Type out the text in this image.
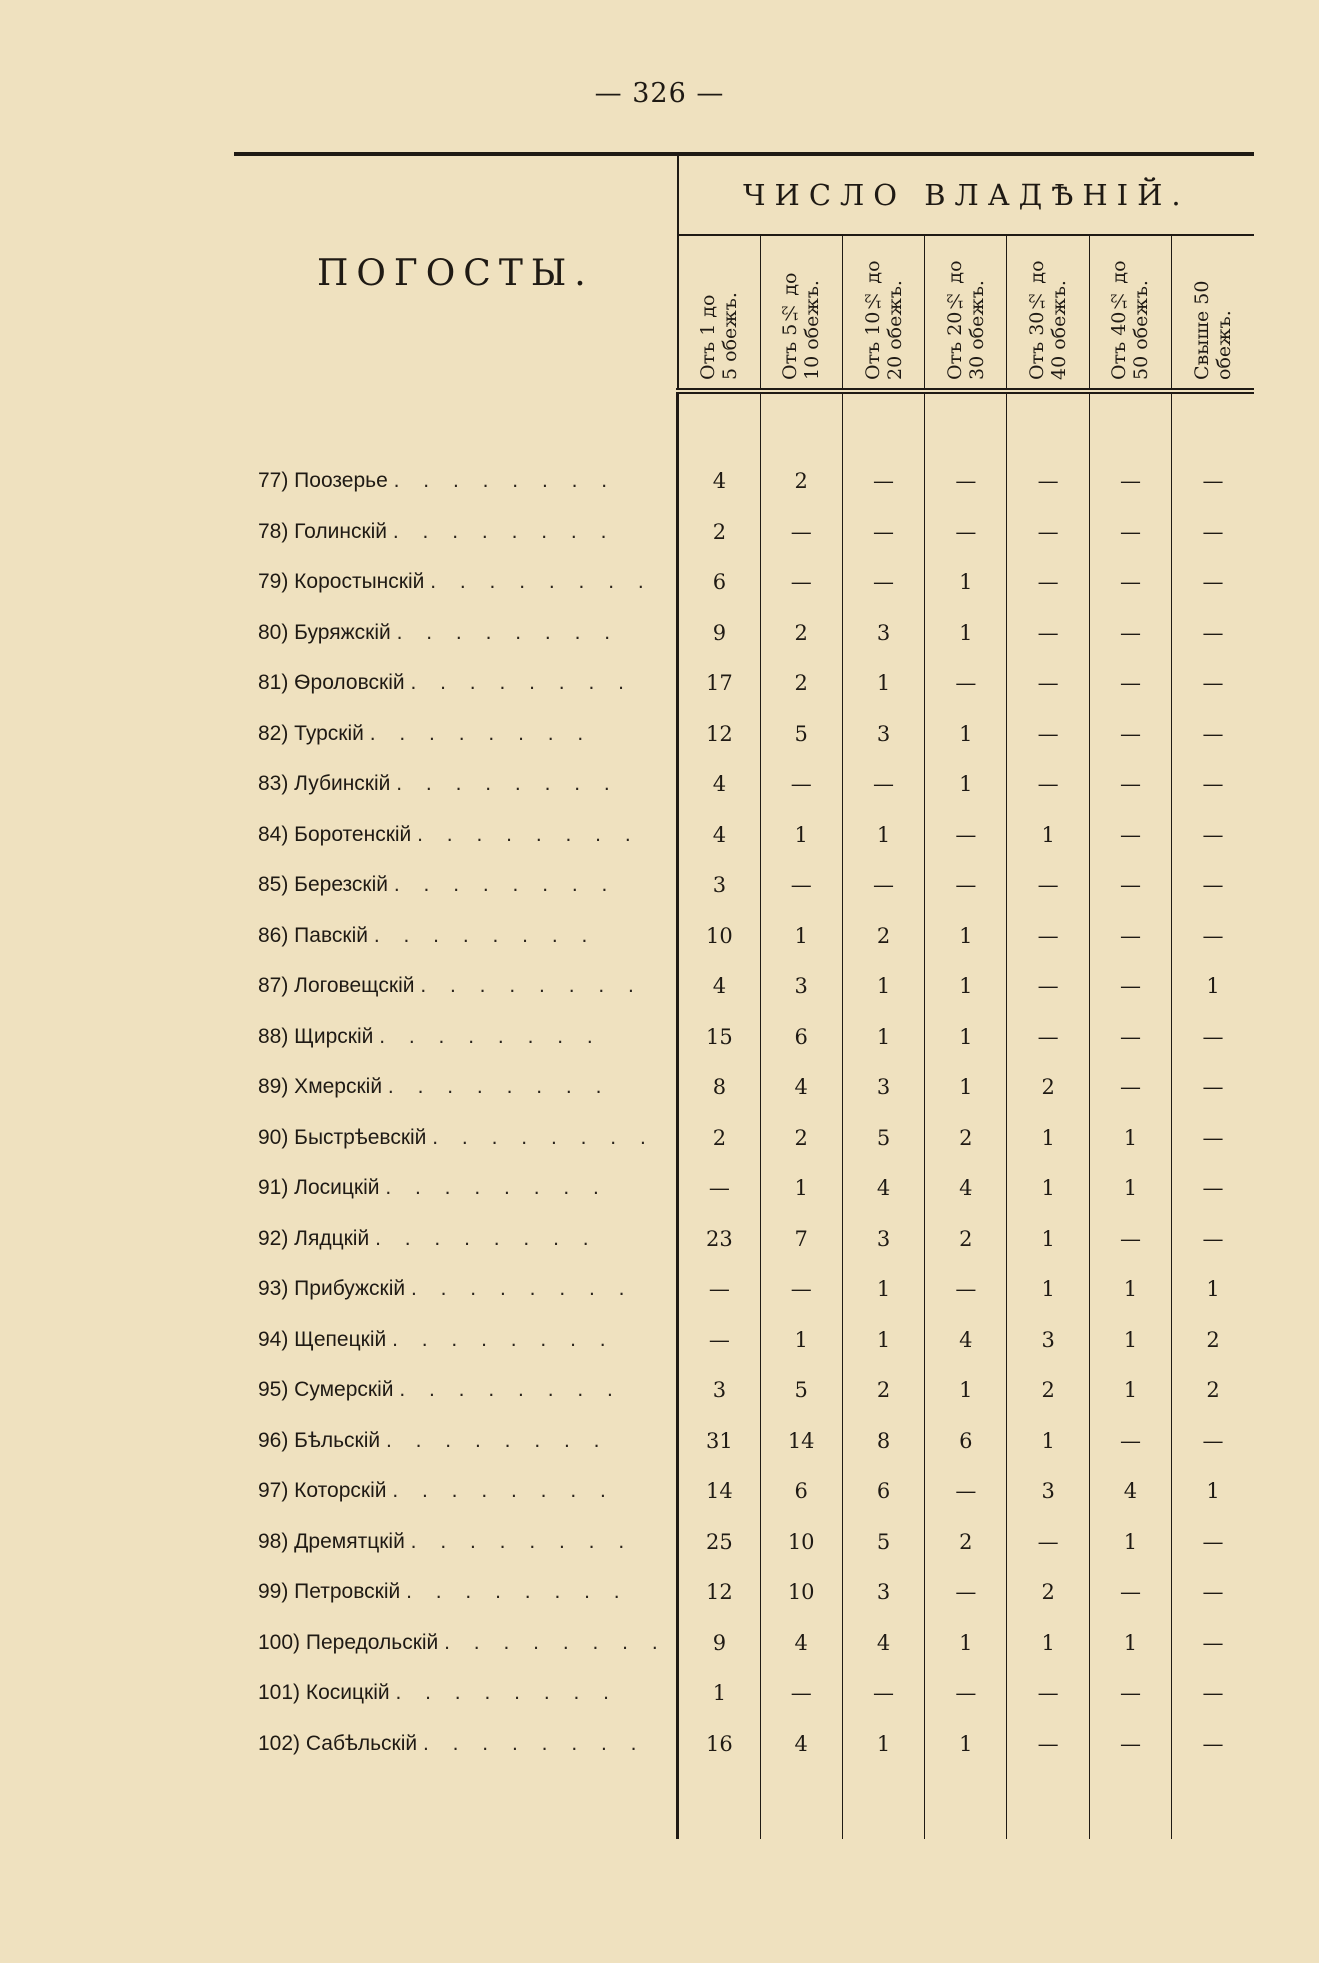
— 326 —
ПОГОСТЫ.	ЧИСЛО ВЛАДѢНІЙ.						
	Отъ 1 до
5 обежъ.	Отъ 5½ до
10 обежъ.	Отъ 10½ до
20 обежъ.	Отъ 20½ до
30 обежъ.	Отъ 30½ до
40 обежъ.	Отъ 40½ до
50 обежъ.	Свыше 50
обежъ.

77) Поозерье . . . . . . . .	4	2	—	—	—	—	—
78) Голинскій . . . . . . . .	2	—	—	—	—	—	—
79) Коростынскій . . . . . . . .	6	—	—	1	—	—	—
80) Буряжскій . . . . . . . .	9	2	3	1	—	—	—
81) Ѳроловскій . . . . . . . .	17	2	1	—	—	—	—
82) Турскій . . . . . . . .	12	5	3	1	—	—	—
83) Лубинскій . . . . . . . .	4	—	—	1	—	—	—
84) Боротенскій . . . . . . . .	4	1	1	—	1	—	—
85) Березскій . . . . . . . .	3	—	—	—	—	—	—
86) Павскій . . . . . . . .	10	1	2	1	—	—	—
87) Логовещскій . . . . . . . .	4	3	1	1	—	—	1
88) Щирскій . . . . . . . .	15	6	1	1	—	—	—
89) Хмерскій . . . . . . . .	8	4	3	1	2	—	—
90) Быстрѣевскій . . . . . . . .	2	2	5	2	1	1	—
91) Лосицкій . . . . . . . .	—	1	4	4	1	1	—
92) Лядцкій . . . . . . . .	23	7	3	2	1	—	—
93) Прибужскій . . . . . . . .	—	—	1	—	1	1	1
94) Щепецкій . . . . . . . .	—	1	1	4	3	1	2
95) Сумерскій . . . . . . . .	3	5	2	1	2	1	2
96) Бѣльскій . . . . . . . .	31	14	8	6	1	—	—
97) Которскій . . . . . . . .	14	6	6	—	3	4	1
98) Дремятцкій . . . . . . . .	25	10	5	2	—	1	—
99) Петровскій . . . . . . . .	12	10	3	—	2	—	—
100) Передольскій . . . . . . . .	9	4	4	1	1	1	—
101) Косицкій . . . . . . . .	1	—	—	—	—	—	—
102) Сабѣльскій . . . . . . . .	16	4	1	1	—	—	—
